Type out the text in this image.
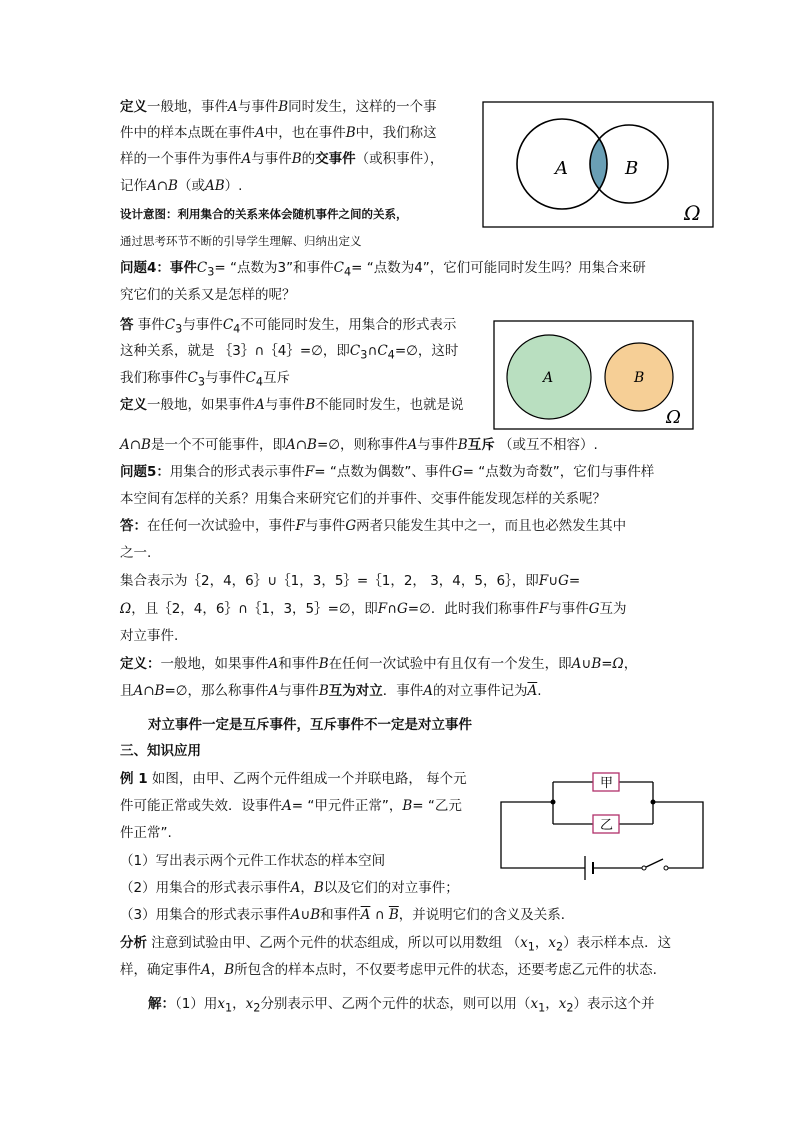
定义一般地，事件A与事件B同时发生，这样的一个事
件中的样本点既在事件A中，也在事件B中，我们称这
样的一个事件为事件A与事件B的交事件（或积事件），
记作A∩B（或AB）.
设计意图：利用集合的关系来体会随机事件之间的关系，
通过思考环节不断的引导学生理解、归纳出定义
A	B
Ω
问题4：事件$C_3=$ “点数为3”和事件$C_4=$ “点数为4”，它们可能同时发生吗？用集合来研
究它们的关系又是怎样的呢？
答 事件$C_3$与事件$C_4$不可能同时发生，用集合的形式表示
这种关系，就是 ｛3｝∩｛4｝=∅，即$C_3\cap C_4=\emptyset$，这时
我们称事件$C_3$与事件$C_4$互斥
定义一般地，如果事件A与事件B不能同时发生，也就是说
A∩B是一个不可能事件，即A∩B=∅，则称事件A与事件B互斥 （或互不相容）.
A	B
Ω
问题5：用集合的形式表示事件F= “点数为偶数”、事件G= “点数为奇数”，它们与事件样
本空间有怎样的关系？用集合来研究它们的并事件、交事件能发现怎样的关系呢？
答：在任何一次试验中，事件F与事件G两者只能发生其中之一，而且也必然发生其中
之一.
集合表示为｛2，4，6｝∪｛1，3，5｝=｛1，2， 3，4，5，6｝，即F∪G=
Ω，且｛2，4，6｝∩｛1，3，5｝=∅，即F∩G=∅．此时我们称事件F与事件G互为
对立事件.
定义：一般地，如果事件A和事件B在任何一次试验中有且仅有一个发生，即A∪B=Ω，
且A∩B=∅，那么称事件A与事件B互为对立．事件A的对立事件记为$\overline{A}$.
对立事件一定是互斥事件，互斥事件不一定是对立事件
三、知识应用
例 1 如图，由甲、乙两个元件组成一个并联电路， 每个元
件可能正常或失效．设事件A= “甲元件正常”，B= “乙元
件正常”.
（1）写出表示两个元件工作状态的样本空间
（2）用集合的形式表示事件A，B以及它们的对立事件；
（3）用集合的形式表示事件A∪B和事件$\overline{A}$ ∩ $\overline{B}$，并说明它们的含义及关系．
甲
乙
分析 注意到试验由甲、乙两个元件的状态组成，所以可以用数组 （$x_1$，$x_2$）表示样本点．这
样，确定事件A，B所包含的样本点时，不仅要考虑甲元件的状态，还要考虑乙元件的状态.
解：（1）用$x_1$，$x_2$分别表示甲、乙两个元件的状态，则可以用（$x_1$，$x_2$）表示这个并
